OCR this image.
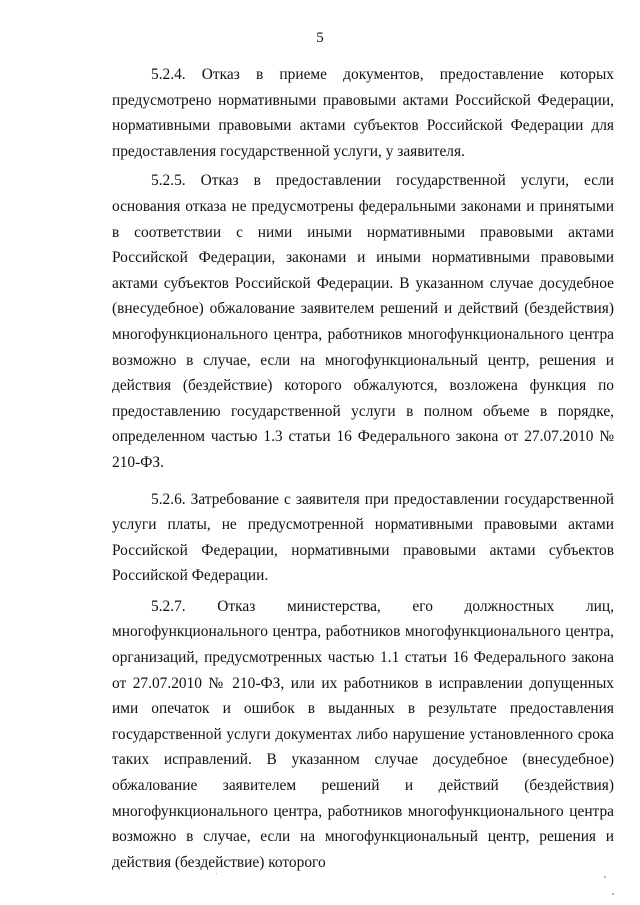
5

5.2.4. Отказ в приеме документов, предоставление которых предусмотрено нормативными правовыми актами Российской Федерации, нормативными правовыми актами субъектов Российской Федерации для предоставления государственной услуги, у заявителя.

5.2.5. Отказ в предоставлении государственной услуги, если основания отказа не предусмотрены федеральными законами и принятыми в соответствии с ними иными нормативными правовыми актами Российской Федерации, законами и иными нормативными правовыми актами субъектов Российской Федерации. В указанном случае досудебное (внесудебное) обжалование заявителем решений и действий (бездействия) многофункционального центра, работников многофункционального центра возможно в случае, если на многофункциональный центр, решения и действия (бездействие) которого обжалуются, возложена функция по предоставлению государственной услуги в полном объеме в порядке, определенном частью 1.3 статьи 16 Федерального закона от 27.07.2010 № 210-ФЗ.

5.2.6. Затребование с заявителя при предоставлении государственной услуги платы, не предусмотренной нормативными правовыми актами Российской Федерации, нормативными правовыми актами субъектов Российской Федерации.

5.2.7. Отказ министерства, его должностных лиц, многофункционального центра, работников многофункционального центра, организаций, предусмотренных частью 1.1 статьи 16 Федерального закона от 27.07.2010 № 210-ФЗ, или их работников в исправлении допущенных ими опечаток и ошибок в выданных в результате предоставления государственной услуги документах либо нарушение установленного срока таких исправлений. В указанном случае досудебное (внесудебное) обжалование заявителем решений и действий (бездействия) многофункционального центра, работников многофункционального центра возможно в случае, если на многофункциональный центр, решения и действия (бездействие) которого
